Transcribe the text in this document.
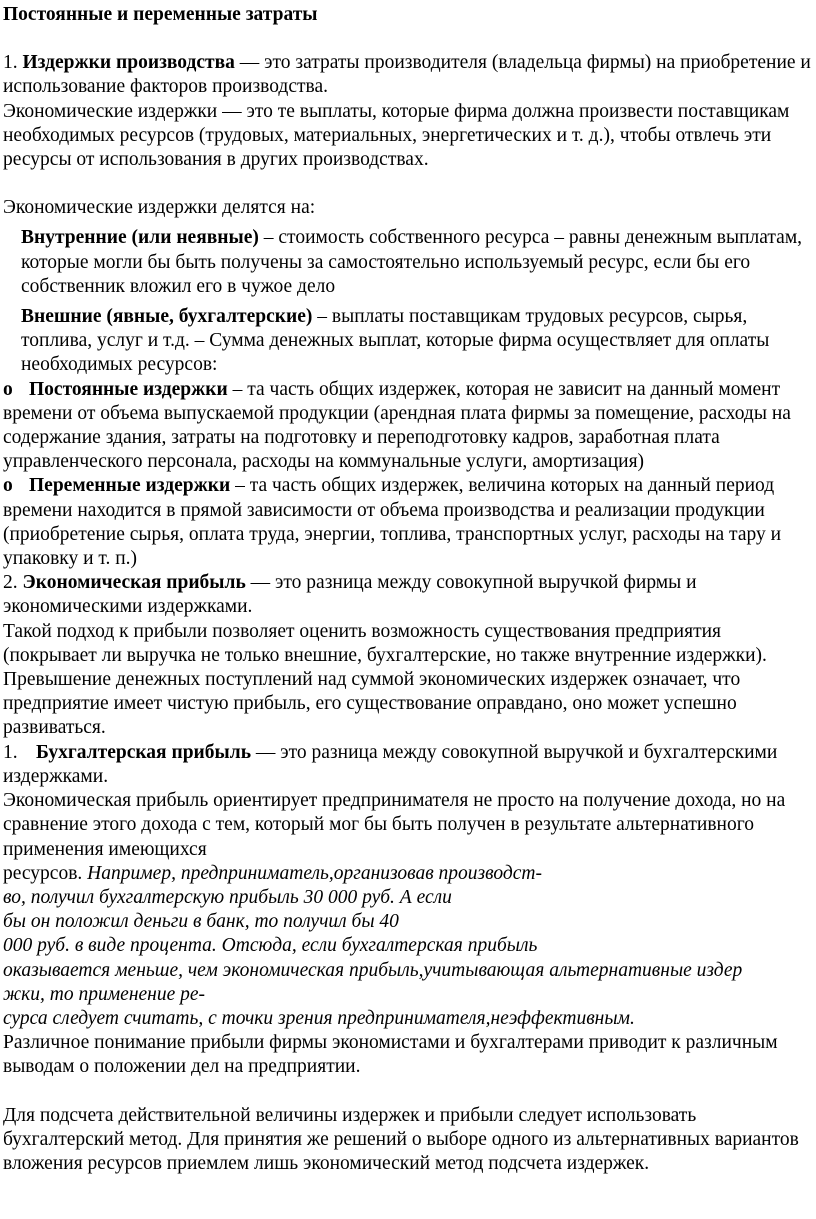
Постоянные и переменные затраты

1. Издержки производства — это затраты производителя (владельца фирмы) на приобретение и использование факторов производства.

Экономические издержки — это те выплаты, которые фирма должна произвести поставщикам необходимых ресурсов (трудовых, материальных, энергетических и т. д.), чтобы отвлечь эти ресурсы от использования в других производствах.

Экономические издержки делятся на:

Внутренние (или неявные) – стоимость собственного ресурса – равны денежным выплатам, которые могли бы быть получены за самостоятельно используемый ресурс, если бы его собственник вложил его в чужое дело

Внешние (явные, бухгалтерские) – выплаты поставщикам трудовых ресурсов, сырья, топлива, услуг и т.д. – Сумма денежных выплат, которые фирма осуществляет для оплаты необходимых ресурсов:

o Постоянные издержки – та часть общих издержек, которая не зависит на данный момент времени от объема выпускаемой продукции (арендная плата фирмы за помещение, расходы на содержание здания, затраты на подготовку и переподготовку кадров, заработная плата управленческого персонала, расходы на коммунальные услуги, амортизация)

o Переменные издержки – та часть общих издержек, величина которых на данный период времени находится в прямой зависимости от объема производства и реализации продукции (приобретение сырья, оплата труда, энергии, топлива, транспортных услуг, расходы на тару и упаковку и т. п.)

2. Экономическая прибыль — это разница между совокупной выручкой фирмы и экономическими издержками.

Такой подход к прибыли позволяет оценить возможность существования предприятия (покрывает ли выручка не только внешние, бухгалтерские, но также внутренние издержки). Превышение денежных поступлений над суммой экономических издержек означает, что предприятие имеет чистую прибыль, его существование оправдано, оно может успешно развиваться.

1. Бухгалтерская прибыль — это разница между совокупной выручкой и бухгалтерскими издержками.

Экономическая прибыль ориентирует предпринимателя не просто на получение дохода, но на сравнение этого дохода с тем, который мог бы быть получен в результате альтернативного применения имеющихся

ресурсов. Например, предприниматель,организовав производст-

во, получил бухгалтерскую прибыль 30 000 руб. А если

бы он положил деньги в банк, то получил бы 40

000 руб. в виде процента. Отсюда, если бухгалтерская прибыль

оказывается меньше, чем экономическая прибыль,учитывающая альтернативные издер

жки, то применение ре-

сурса следует считать, с точки зрения предпринимателя,неэффективным.

Различное понимание прибыли фирмы экономистами и бухгалтерами приводит к различным выводам о положении дел на предприятии.

Для подсчета действительной величины издержек и прибыли следует использовать бухгалтерский метод. Для принятия же решений о выборе одного из альтернативных вариантов вложения ресурсов приемлем лишь экономический метод подсчета издержек.
